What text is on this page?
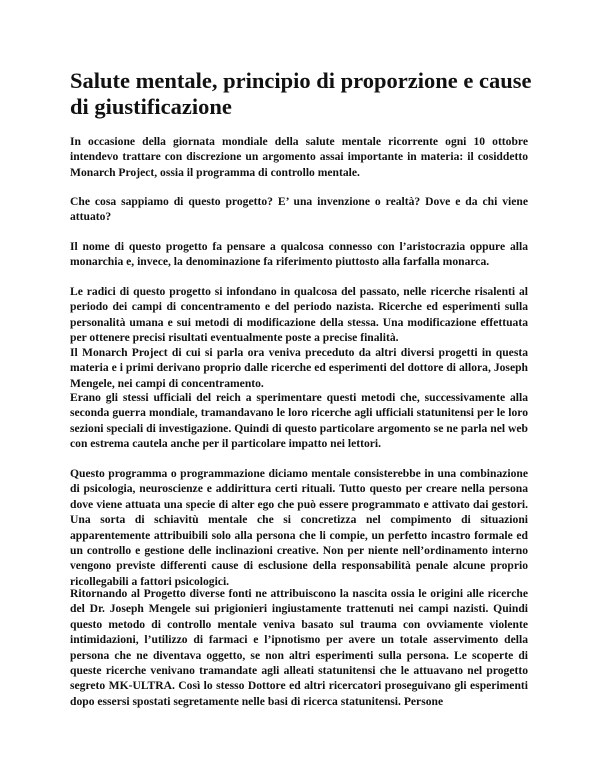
Salute mentale, principio di proporzione e cause di giustificazione

In occasione della giornata mondiale della salute mentale ricorrente ogni 10 ottobre intendevo trattare con discrezione un argomento assai importante in materia: il cosiddetto Monarch Project, ossia il programma di controllo mentale.

Che cosa sappiamo di questo progetto? E’ una invenzione o realtà? Dove e da chi viene attuato?

Il nome di questo progetto fa pensare a qualcosa connesso con l’aristocrazia oppure alla monarchia e, invece, la denominazione fa riferimento piuttosto alla farfalla monarca.

Le radici di questo progetto si infondano in qualcosa del passato, nelle ricerche risalenti al periodo dei campi di concentramento e del periodo nazista. Ricerche ed esperimenti sulla personalità umana e sui metodi di modificazione della stessa. Una modificazione effettuata per ottenere precisi risultati eventualmente poste a precise finalità.

Il Monarch Project di cui si parla ora veniva preceduto da altri diversi progetti in questa materia e i primi derivano proprio dalle ricerche ed esperimenti del dottore di allora, Joseph Mengele, nei campi di concentramento.

Erano gli stessi ufficiali del reich a sperimentare questi metodi che, successivamente alla seconda guerra mondiale, tramandavano le loro ricerche agli ufficiali statunitensi per le loro sezioni speciali di investigazione. Quindi di questo particolare argomento se ne parla nel web con estrema cautela anche per il particolare impatto nei lettori.

Questo programma o programmazione diciamo mentale consisterebbe in una combinazione di psicologia, neuroscienze e addirittura certi rituali. Tutto questo per creare nella persona dove viene attuata una specie di alter ego che può essere programmato e attivato dai gestori. Una sorta di schiavitù mentale che si concretizza nel compimento di situazioni apparentemente attribuibili solo alla persona che li compie, un perfetto incastro formale ed un controllo e gestione delle inclinazioni creative. Non per niente nell’ordinamento interno vengono previste differenti cause di esclusione della responsabilità penale alcune proprio ricollegabili a fattori psicologici.

Ritornando al Progetto diverse fonti ne attribuiscono la nascita ossia le origini alle ricerche del Dr. Joseph Mengele sui prigionieri ingiustamente trattenuti nei campi nazisti. Quindi questo metodo di controllo mentale veniva basato sul trauma con ovviamente violente intimidazioni, l’utilizzo di farmaci e l’ipnotismo per avere un totale asservimento della persona che ne diventava oggetto, se non altri esperimenti sulla persona. Le scoperte di queste ricerche venivano tramandate agli alleati statunitensi che le attuavano nel progetto segreto MK-ULTRA. Così lo stesso Dottore ed altri ricercatori proseguivano gli esperimenti dopo essersi spostati segretamente nelle basi di ricerca statunitensi. Persone
